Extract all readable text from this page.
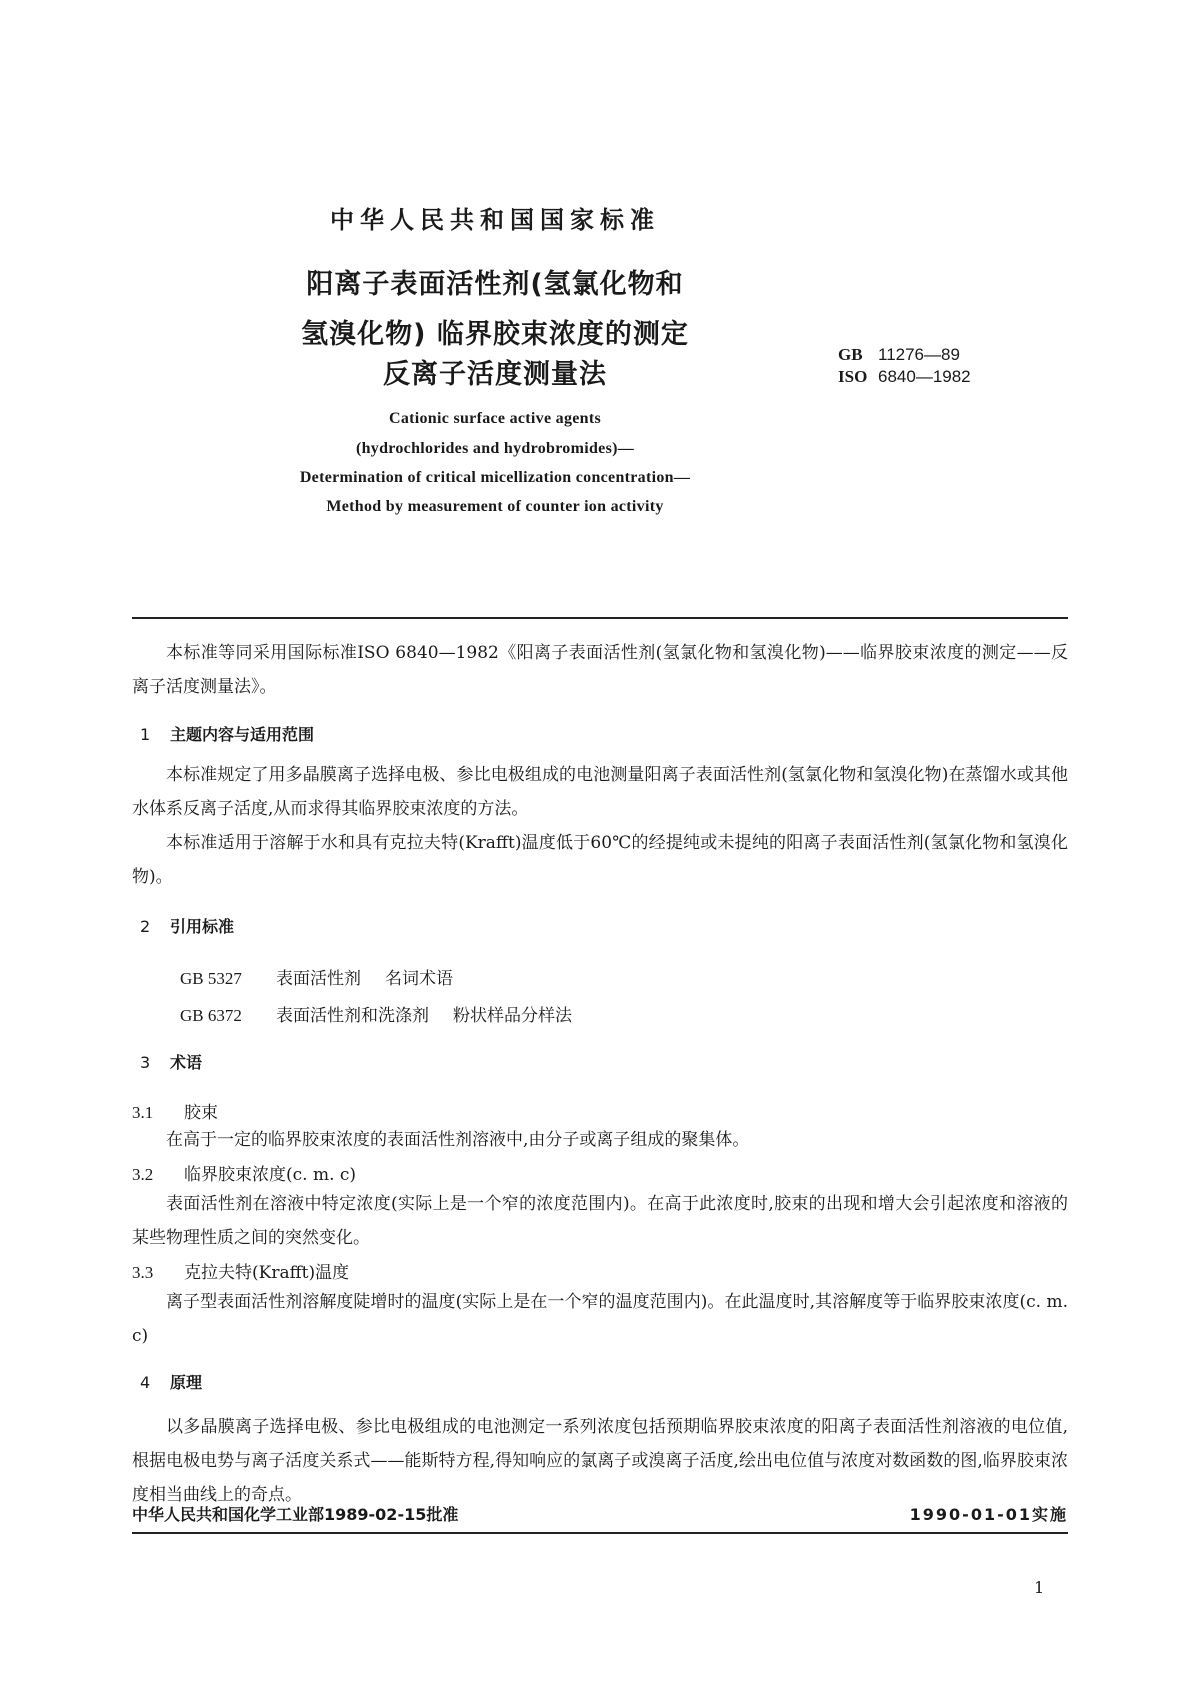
中华人民共和国国家标准
阳离子表面活性剂(氢氯化物和
氢溴化物) 临界胶束浓度的测定
反离子活度测量法
GB 11276—89
ISO 6840—1982
Cationic surface active agents
(hydrochlorides and hydrobromides)—
Determination of critical micellization concentration—
Method by measurement of counter ion activity

本标准等同采用国际标准ISO 6840—1982《阳离子表面活性剂(氢氯化物和氢溴化物)——临界胶束浓度的测定——反离子活度测量法》。

1 主题内容与适用范围

本标准规定了用多晶膜离子选择电极、参比电极组成的电池测量阳离子表面活性剂(氢氯化物和氢溴化物)在蒸馏水或其他水体系反离子活度,从而求得其临界胶束浓度的方法。

本标准适用于溶解于水和具有克拉夫特(Krafft)温度低于60℃的经提纯或未提纯的阳离子表面活性剂(氢氯化物和氢溴化物)。

2 引用标准
GB 5327 表面活性剂 名词术语
GB 6372 表面活性剂和洗涤剂 粉状样品分样法
3 术语
3.1 胶束

在高于一定的临界胶束浓度的表面活性剂溶液中,由分子或离子组成的聚集体。

3.2 临界胶束浓度(c. m. c)

表面活性剂在溶液中特定浓度(实际上是一个窄的浓度范围内)。在高于此浓度时,胶束的出现和增大会引起浓度和溶液的某些物理性质之间的突然变化。

3.3 克拉夫特(Krafft)温度

离子型表面活性剂溶解度陡增时的温度(实际上是在一个窄的温度范围内)。在此温度时,其溶解度等于临界胶束浓度(c. m. c)

4 原理

以多晶膜离子选择电极、参比电极组成的电池测定一系列浓度包括预期临界胶束浓度的阳离子表面活性剂溶液的电位值,根据电极电势与离子活度关系式——能斯特方程,得知响应的氯离子或溴离子活度,绘出电位值与浓度对数函数的图,临界胶束浓度相当曲线上的奇点。

中华人民共和国化学工业部1989-02-15批准	1990-01-01实施
1
